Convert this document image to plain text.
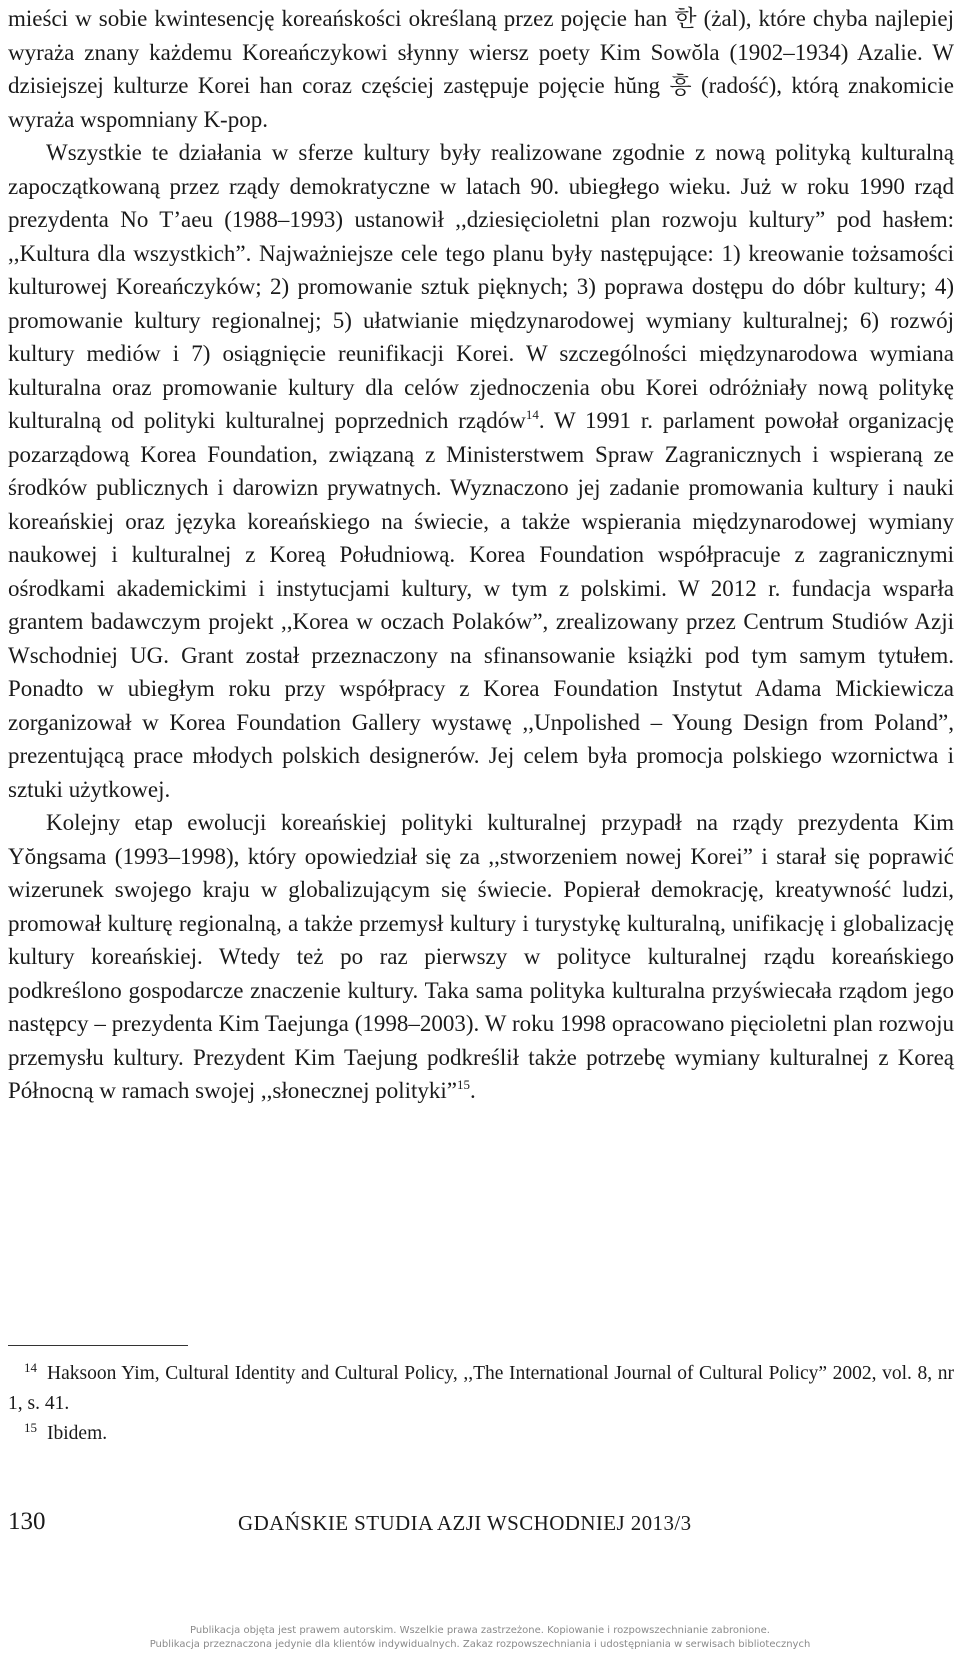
mieści w sobie kwintesencję koreańskości określaną przez pojęcie han 한 (żal), które chyba najlepiej wyraża znany każdemu Koreańczykowi słynny wiersz poety Kim Sowŏla (1902–1934) Azalie. W dzisiejszej kulturze Korei han coraz częściej zastępuje pojęcie hŭng 흥 (radość), którą znakomicie wyraża wspomniany K-pop.

Wszystkie te działania w sferze kultury były realizowane zgodnie z nową polityką kulturalną zapoczątkowaną przez rządy demokratyczne w latach 90. ubiegłego wieku. Już w roku 1990 rząd prezydenta No T’aeu (1988–1993) ustanowił ,,dziesięcioletni plan rozwoju kultury” pod hasłem: ,,Kultura dla wszystkich”. Najważniejsze cele tego planu były następujące: 1) kreowanie tożsamości kulturowej Koreańczyków; 2) promowanie sztuk pięknych; 3) poprawa dostępu do dóbr kultury; 4) promowanie kultury regionalnej; 5) ułatwianie międzynarodowej wymiany kulturalnej; 6) rozwój kultury mediów i 7) osiągnięcie reunifikacji Korei. W szczególności międzynarodowa wymiana kulturalna oraz promowanie kultury dla celów zjednoczenia obu Korei odróżniały nową politykę kulturalną od polityki kulturalnej poprzednich rządów$^{14}$. W 1991 r. parlament powołał organizację pozarządową Korea Foundation, związaną z Ministerstwem Spraw Zagranicznych i wspieraną ze środków publicznych i darowizn prywatnych. Wyznaczono jej zadanie promowania kultury i nauki koreańskiej oraz języka koreańskiego na świecie, a także wspierania międzynarodowej wymiany naukowej i kulturalnej z Koreą Południową. Korea Foundation współpracuje z zagranicznymi ośrodkami akademickimi i instytucjami kultury, w tym z polskimi. W 2012 r. fundacja wsparła grantem badawczym projekt ,,Korea w oczach Polaków”, zrealizowany przez Centrum Studiów Azji Wschodniej UG. Grant został przeznaczony na sfinansowanie książki pod tym samym tytułem. Ponadto w ubiegłym roku przy współpracy z Korea Foundation Instytut Adama Mickiewicza zorganizował w Korea Foundation Gallery wystawę ,,Unpolished – Young Design from Poland”, prezentującą prace młodych polskich designerów. Jej celem była promocja polskiego wzornictwa i sztuki użytkowej.

Kolejny etap ewolucji koreańskiej polityki kulturalnej przypadł na rządy prezydenta Kim Yŏngsama (1993–1998), który opowiedział się za ,,stworzeniem nowej Korei” i starał się poprawić wizerunek swojego kraju w globalizującym się świecie. Popierał demokrację, kreatywność ludzi, promował kulturę regionalną, a także przemysł kultury i turystykę kulturalną, unifikację i globalizację kultury koreańskiej. Wtedy też po raz pierwszy w polityce kulturalnej rządu koreańskiego podkreślono gospodarcze znaczenie kultury. Taka sama polityka kulturalna przyświecała rządom jego następcy – prezydenta Kim Taejunga (1998–2003). W roku 1998 opracowano pięcioletni plan rozwoju przemysłu kultury. Prezydent Kim Taejung podkreślił także potrzebę wymiany kulturalnej z Koreą Północną w ramach swojej ,,słonecznej polityki”$^{15}$.

$^{14}$ Haksoon Yim, Cultural Identity and Cultural Policy, ,,The International Journal of Cultural Policy” 2002, vol. 8, nr 1, s. 41.

$^{15}$ Ibidem.

130	GDAŃSKIE STUDIA AZJI WSCHODNIEJ 2013/3
Publikacja objęta jest prawem autorskim. Wszelkie prawa zastrzeżone. Kopiowanie i rozpowszechnianie zabronione.
Publikacja przeznaczona jedynie dla klientów indywidualnych. Zakaz rozpowszechniania i udostępniania w serwisach bibliotecznych
